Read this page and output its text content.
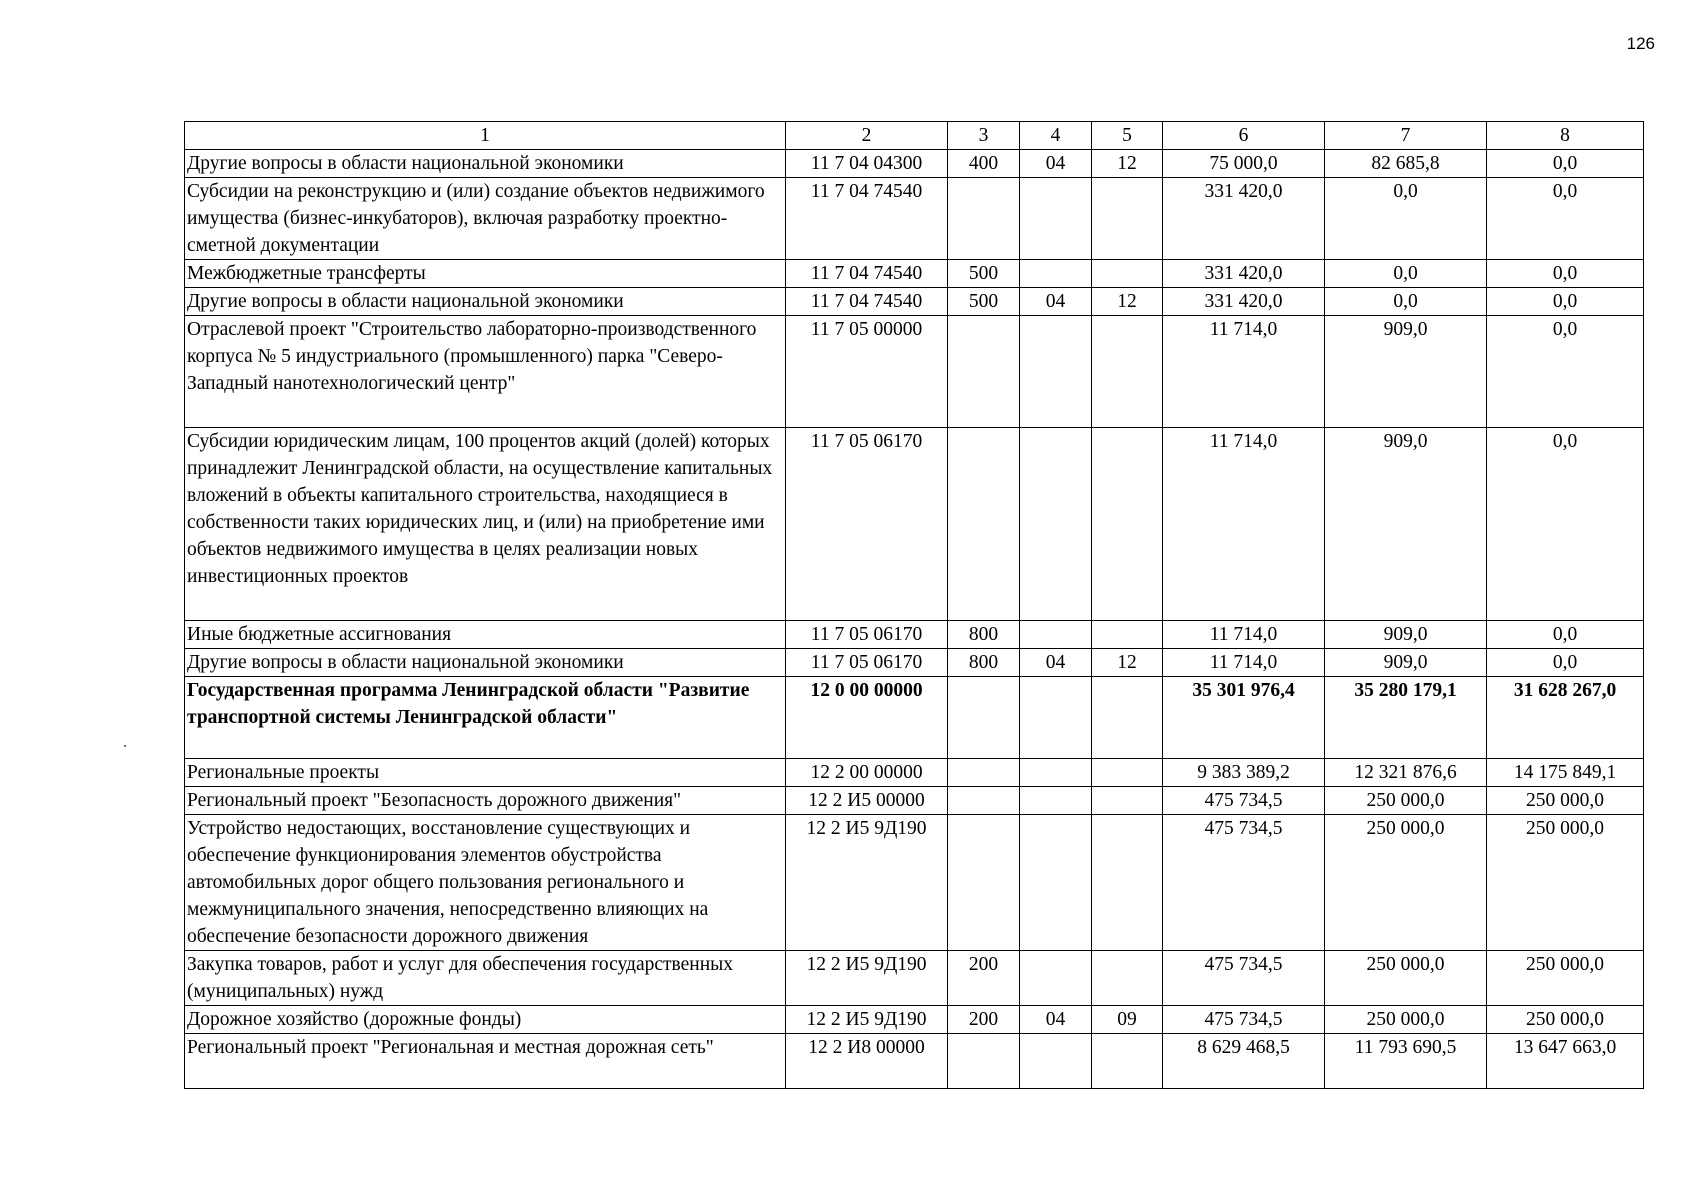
126
1	2	3	4	5	6	7	8
Другие вопросы в области национальной экономики	11 7 04 04300	400	04	12	75 000,0	82 685,8	0,0
Субсидии на реконструкцию и (или) создание объектов недвижимого имущества (бизнес-инкубаторов), включая разработку проектно-сметной документации	11 7 04 74540				331 420,0	0,0	0,0
Межбюджетные трансферты	11 7 04 74540	500			331 420,0	0,0	0,0
Другие вопросы в области национальной экономики	11 7 04 74540	500	04	12	331 420,0	0,0	0,0
Отраслевой проект "Строительство лабораторно-производственного корпуса № 5 индустриального (промышленного) парка "Северо-Западный нанотехнологический центр"	11 7 05 00000				11 714,0	909,0	0,0
Субсидии юридическим лицам, 100 процентов акций (долей) которых принадлежит Ленинградской области, на осуществление капитальных вложений в объекты капитального строительства, находящиеся в собственности таких юридических лиц, и (или) на приобретение ими объектов недвижимого имущества в целях реализации новых инвестиционных проектов	11 7 05 06170				11 714,0	909,0	0,0
Иные бюджетные ассигнования	11 7 05 06170	800			11 714,0	909,0	0,0
Другие вопросы в области национальной экономики	11 7 05 06170	800	04	12	11 714,0	909,0	0,0
Государственная программа Ленинградской области "Развитие транспортной системы Ленинградской области"	12 0 00 00000				35 301 976,4	35 280 179,1	31 628 267,0
Региональные проекты	12 2 00 00000				9 383 389,2	12 321 876,6	14 175 849,1
Региональный проект "Безопасность дорожного движения"	12 2 И5 00000				475 734,5	250 000,0	250 000,0
Устройство недостающих, восстановление существующих и обеспечение функционирования элементов обустройства автомобильных дорог общего пользования регионального и межмуниципального значения, непосредственно влияющих на обеспечение безопасности дорожного движения	12 2 И5 9Д190				475 734,5	250 000,0	250 000,0
Закупка товаров, работ и услуг для обеспечения государственных (муниципальных) нужд	12 2 И5 9Д190	200			475 734,5	250 000,0	250 000,0
Дорожное хозяйство (дорожные фонды)	12 2 И5 9Д190	200	04	09	475 734,5	250 000,0	250 000,0
Региональный проект "Региональная и местная дорожная сеть"	12 2 И8 00000				8 629 468,5	11 793 690,5	13 647 663,0
